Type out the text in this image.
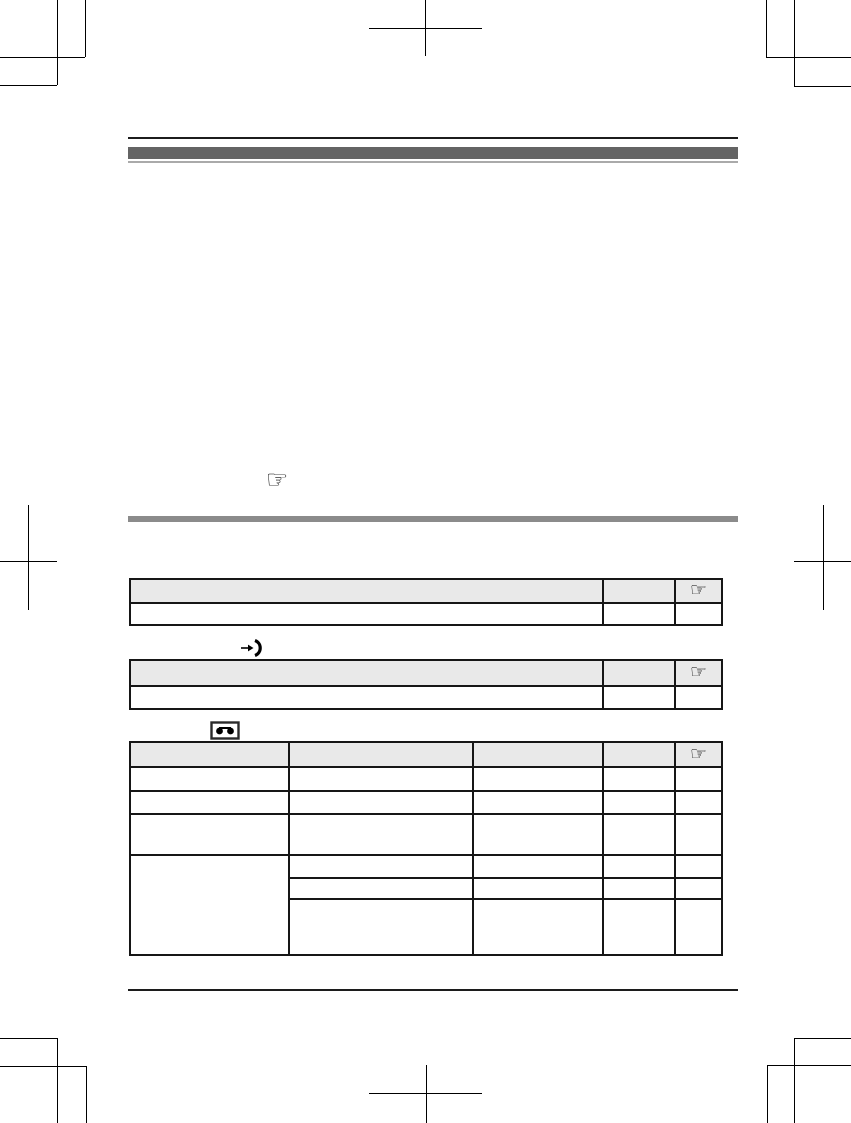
☞
		☞

		☞

				☞
